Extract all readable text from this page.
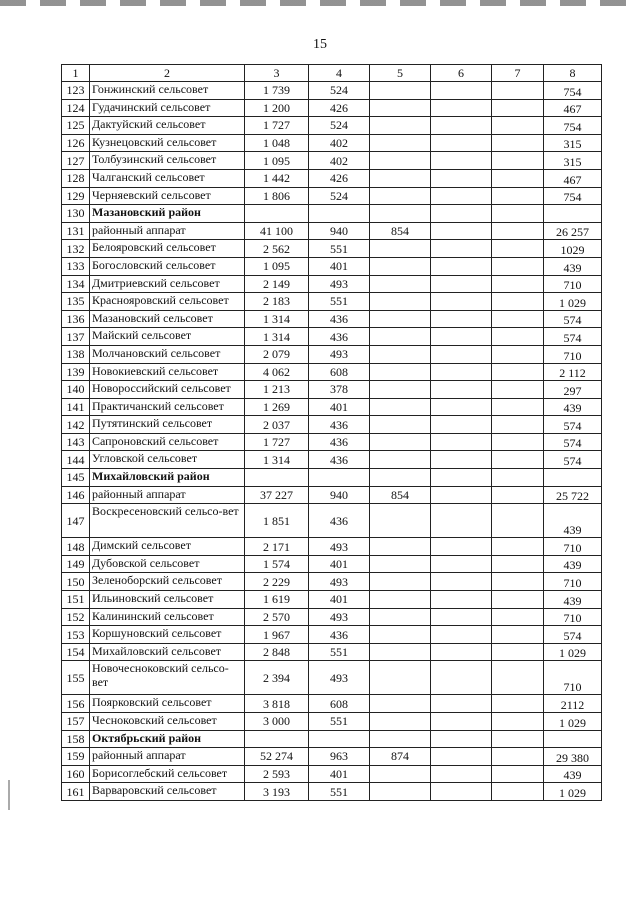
15
1	2	3	4	5	6	7	8
123	Гонжинский сельсовет	1 739	524				754
124	Гудачинский сельсовет	1 200	426				467
125	Дактуйский сельсовет	1 727	524				754
126	Кузнецовский сельсовет	1 048	402				315
127	Толбузинский сельсовет	1 095	402				315
128	Чалганский сельсовет	1 442	426				467
129	Черняевский сельсовет	1 806	524				754
130	Мазановский район						
131	районный аппарат	41 100	940	854			26 257
132	Белояровский сельсовет	2 562	551				1029
133	Богословский сельсовет	1 095	401				439
134	Дмитриевский сельсовет	2 149	493				710
135	Краснояровский сельсовет	2 183	551				1 029
136	Мазановский сельсовет	1 314	436				574
137	Майский сельсовет	1 314	436				574
138	Молчановский сельсовет	2 079	493				710
139	Новокиевский сельсовет	4 062	608				2 112
140	Новороссийский сельсовет	1 213	378				297
141	Практичанский сельсовет	1 269	401				439
142	Путятинский сельсовет	2 037	436				574
143	Сапроновский сельсовет	1 727	436				574
144	Угловской сельсовет	1 314	436				574
145	Михайловский район						
146	районный аппарат	37 227	940	854			25 722
147	Воскресеновский сельсо-вет	1 851	436				439
148	Димский сельсовет	2 171	493				710
149	Дубовской сельсовет	1 574	401				439
150	Зеленоборский сельсовет	2 229	493				710
151	Ильиновский сельсовет	1 619	401				439
152	Калининский сельсовет	2 570	493				710
153	Коршуновский сельсовет	1 967	436				574
154	Михайловский сельсовет	2 848	551				1 029
155	Новочесноковский сельсо-вет	2 394	493				710
156	Поярковский сельсовет	3 818	608				2112
157	Чесноковский сельсовет	3 000	551				1 029
158	Октябрьский район						
159	районный аппарат	52 274	963	874			29 380
160	Борисоглебский сельсовет	2 593	401				439
161	Варваровский сельсовет	3 193	551				1 029
